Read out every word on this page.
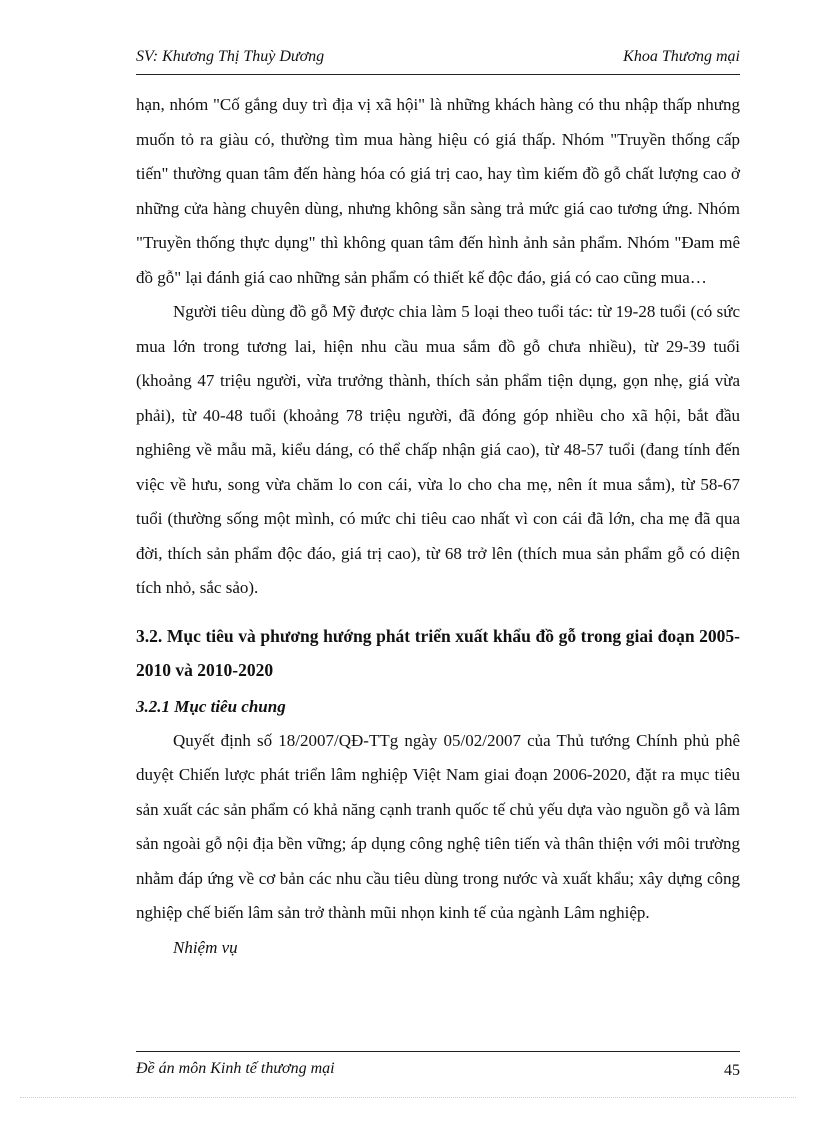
SV: Khương Thị Thuỳ Dương	Khoa Thương mại

hạn, nhóm "Cố gắng duy trì địa vị xã hội" là những khách hàng có thu nhập thấp nhưng muốn tỏ ra giàu có, thường tìm mua hàng hiệu có giá thấp. Nhóm "Truyền thống cấp tiến" thường quan tâm đến hàng hóa có giá trị cao, hay tìm kiếm đồ gỗ chất lượng cao ở những cửa hàng chuyên dùng, nhưng không sẵn sàng trả mức giá cao tương ứng. Nhóm "Truyền thống thực dụng" thì không quan tâm đến hình ảnh sản phẩm. Nhóm "Đam mê đồ gỗ" lại đánh giá cao những sản phẩm có thiết kế độc đáo, giá có cao cũng mua…

Người tiêu dùng đồ gỗ Mỹ được chia làm 5 loại theo tuổi tác: từ 19-28 tuổi (có sức mua lớn trong tương lai, hiện nhu cầu mua sắm đồ gỗ chưa nhiều), từ 29-39 tuổi (khoảng 47 triệu người, vừa trưởng thành, thích sản phẩm tiện dụng, gọn nhẹ, giá vừa phải), từ 40-48 tuổi (khoảng 78 triệu người, đã đóng góp nhiều cho xã hội, bắt đầu nghiêng về mẫu mã, kiểu dáng, có thể chấp nhận giá cao), từ 48-57 tuổi (đang tính đến việc về hưu, song vừa chăm lo con cái, vừa lo cho cha mẹ, nên ít mua sắm), từ 58-67 tuổi (thường sống một mình, có mức chi tiêu cao nhất vì con cái đã lớn, cha mẹ đã qua đời, thích sản phẩm độc đáo, giá trị cao), từ 68 trở lên (thích mua sản phẩm gỗ có diện tích nhỏ, sắc sảo).

3.2. Mục tiêu và phương hướng phát triển xuất khẩu đồ gỗ trong giai đoạn 2005-2010 và 2010-2020

3.2.1 Mục tiêu chung

Quyết định số 18/2007/QĐ-TTg ngày 05/02/2007 của Thủ tướng Chính phủ phê duyệt Chiến lược phát triển lâm nghiệp Việt Nam giai đoạn 2006-2020, đặt ra mục tiêu sản xuất các sản phẩm có khả năng cạnh tranh quốc tế chủ yếu dựa vào nguồn gỗ và lâm sản ngoài gỗ nội địa bền vững; áp dụng công nghệ tiên tiến và thân thiện với môi trường nhằm đáp ứng về cơ bản các nhu cầu tiêu dùng trong nước và xuất khẩu; xây dựng công nghiệp chế biến lâm sản trở thành mũi nhọn kinh tế của ngành Lâm nghiệp.

Nhiệm vụ

Đề án môn Kinh tế thương mại	45
